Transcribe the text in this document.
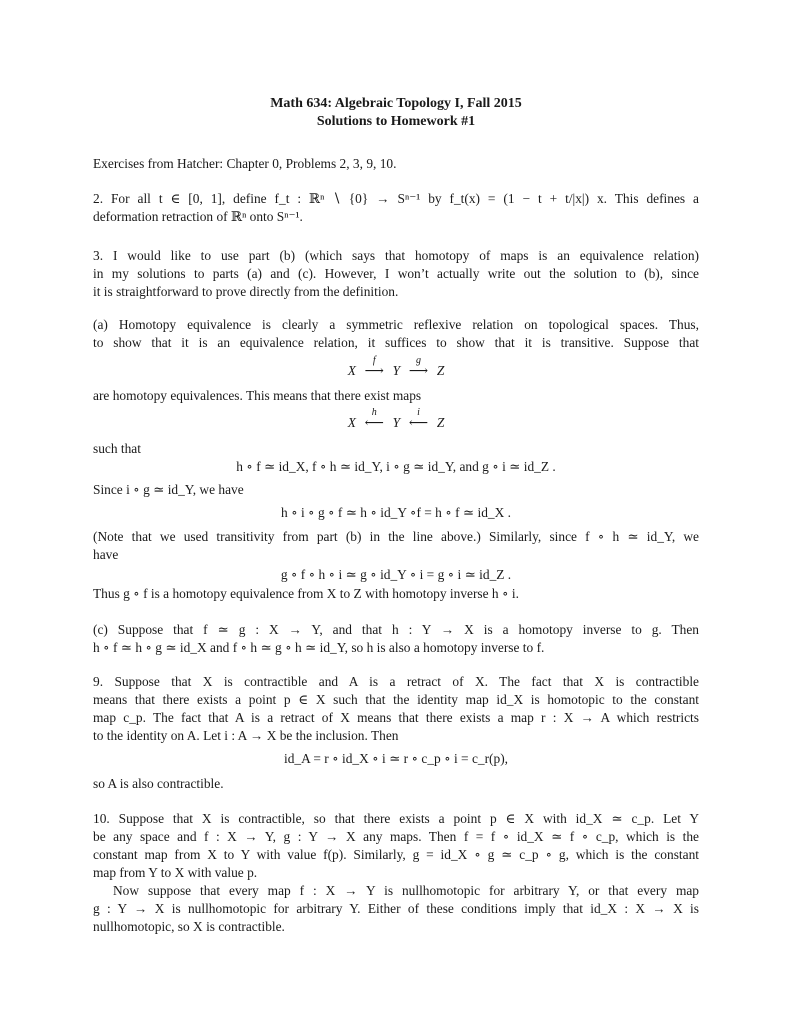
Math 634: Algebraic Topology I, Fall 2015
Solutions to Homework #1
Exercises from Hatcher: Chapter 0, Problems 2, 3, 9, 10.
2. For all t ∈ [0, 1], define f_t : ℝⁿ ∖ {0} → Sⁿ⁻¹ by f_t(x) = (1 − t + t/|x|) x. This defines a
deformation retraction of ℝⁿ onto Sⁿ⁻¹.
3. I would like to use part (b) (which says that homotopy of maps is an equivalence relation)
in my solutions to parts (a) and (c). However, I won’t actually write out the solution to (b), since
it is straightforward to prove directly from the definition.
(a) Homotopy equivalence is clearly a symmetric reflexive relation on topological spaces. Thus,
to show that it is an equivalence relation, it suffices to show that it is transitive. Suppose that
X
f
⟶ Y
g
⟶ Z
are homotopy equivalences. This means that there exist maps
X
h
⟵ Y
i
⟵ Z
such that
h ∘ f ≃ id_X, f ∘ h ≃ id_Y, i ∘ g ≃ id_Y, and g ∘ i ≃ id_Z .
Since i ∘ g ≃ id_Y, we have
h ∘ i ∘ g ∘ f ≃ h ∘ id_Y ∘f = h ∘ f ≃ id_X .
(Note that we used transitivity from part (b) in the line above.) Similarly, since f ∘ h ≃ id_Y, we
have
g ∘ f ∘ h ∘ i ≃ g ∘ id_Y ∘ i = g ∘ i ≃ id_Z .
Thus g ∘ f is a homotopy equivalence from X to Z with homotopy inverse h ∘ i.
(c) Suppose that f ≃ g : X → Y, and that h : Y → X is a homotopy inverse to g. Then
h ∘ f ≃ h ∘ g ≃ id_X and f ∘ h ≃ g ∘ h ≃ id_Y, so h is also a homotopy inverse to f.
9. Suppose that X is contractible and A is a retract of X. The fact that X is contractible
means that there exists a point p ∈ X such that the identity map id_X is homotopic to the constant
map c_p. The fact that A is a retract of X means that there exists a map r : X → A which restricts
to the identity on A. Let i : A → X be the inclusion. Then
id_A = r ∘ id_X ∘ i ≃ r ∘ c_p ∘ i = c_r(p),
so A is also contractible.
10. Suppose that X is contractible, so that there exists a point p ∈ X with id_X ≃ c_p. Let Y
be any space and f : X → Y, g : Y → X any maps. Then f = f ∘ id_X ≃ f ∘ c_p, which is the
constant map from X to Y with value f(p). Similarly, g = id_X ∘ g ≃ c_p ∘ g, which is the constant
map from Y to X with value p.
Now suppose that every map f : X → Y is nullhomotopic for arbitrary Y, or that every map
g : Y → X is nullhomotopic for arbitrary Y. Either of these conditions imply that id_X : X → X is
nullhomotopic, so X is contractible.
